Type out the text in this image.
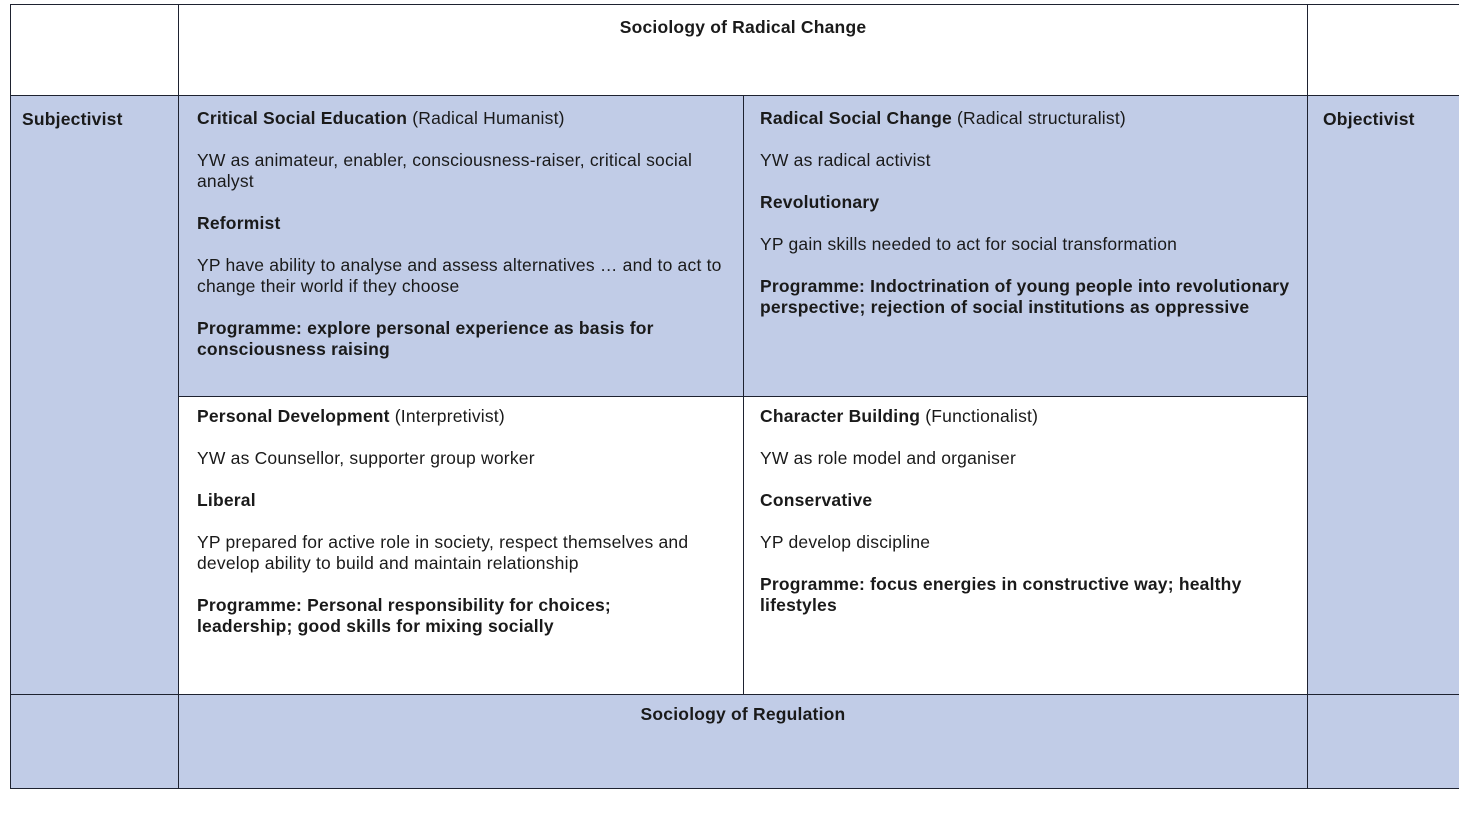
Sociology of Radical Change
Subjectivist	Objectivist

Critical Social Education (Radical Humanist)

YW as animateur, enabler, consciousness-raiser, critical social analyst

Reformist

YP have ability to analyse and assess alternatives … and to act to change their world if they choose

Programme: explore personal experience as basis for consciousness raising

Radical Social Change (Radical structuralist)

YW as radical activist

Revolutionary

YP gain skills needed to act for social transformation

Programme: Indoctrination of young people into revolutionary perspective; rejection of social institutions as oppressive

Personal Development (Interpretivist)

YW as Counsellor, supporter group worker

Liberal

YP prepared for active role in society, respect themselves and develop ability to build and maintain relationship

Programme: Personal responsibility for choices; leadership; good skills for mixing socially

Character Building (Functionalist)

YW as role model and organiser

Conservative

YP develop discipline

Programme: focus energies in constructive way; healthy lifestyles

Sociology of Regulation
